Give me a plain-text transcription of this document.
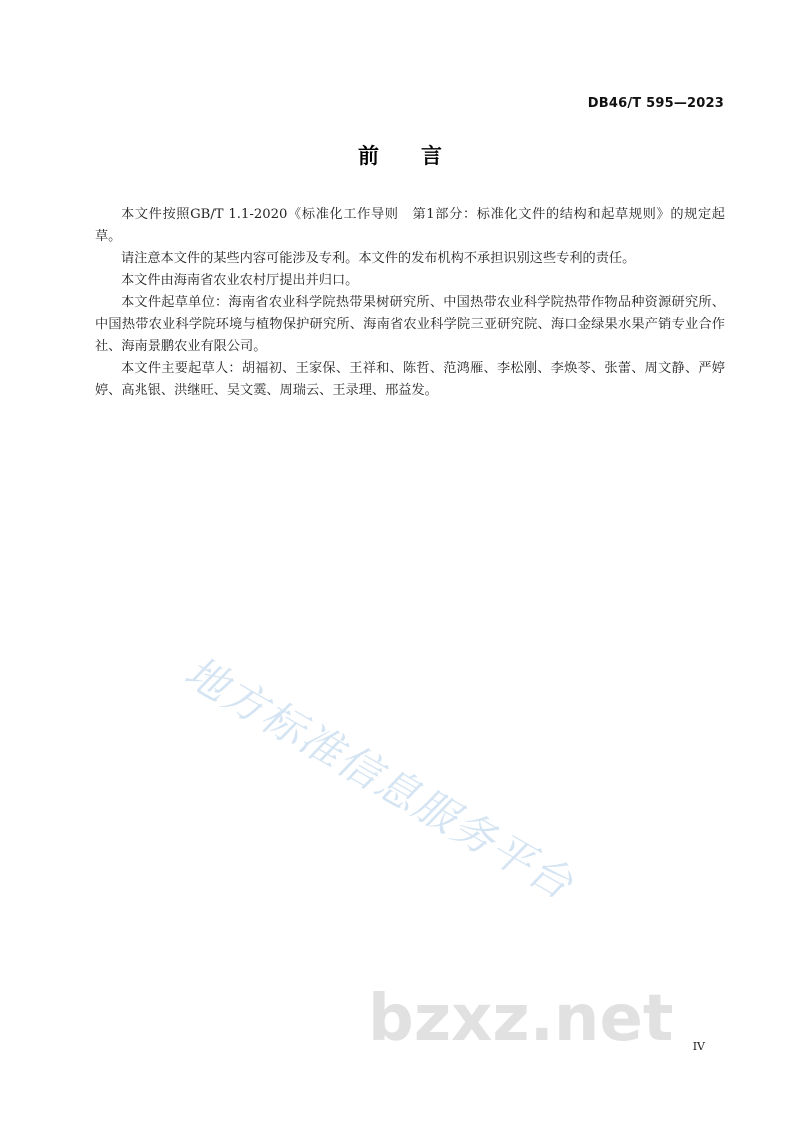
DB46/T 595—2023
前 言

本文件按照GB/T 1.1-2020《标准化工作导则　第1部分：标准化文件的结构和起草规则》的规定起草。

请注意本文件的某些内容可能涉及专利。本文件的发布机构不承担识别这些专利的责任。

本文件由海南省农业农村厅提出并归口。

本文件起草单位：海南省农业科学院热带果树研究所、中国热带农业科学院热带作物品种资源研究所、中国热带农业科学院环境与植物保护研究所、海南省农业科学院三亚研究院、海口金绿果水果产销专业合作社、海南景鹏农业有限公司。

本文件主要起草人：胡福初、王家保、王祥和、陈哲、范鸿雁、李松刚、李焕苓、张蕾、周文静、严婷婷、高兆银、洪继旺、吴文霙、周瑞云、王录理、邢益发。

地方标准信息服务平台
bzxz.net IV
